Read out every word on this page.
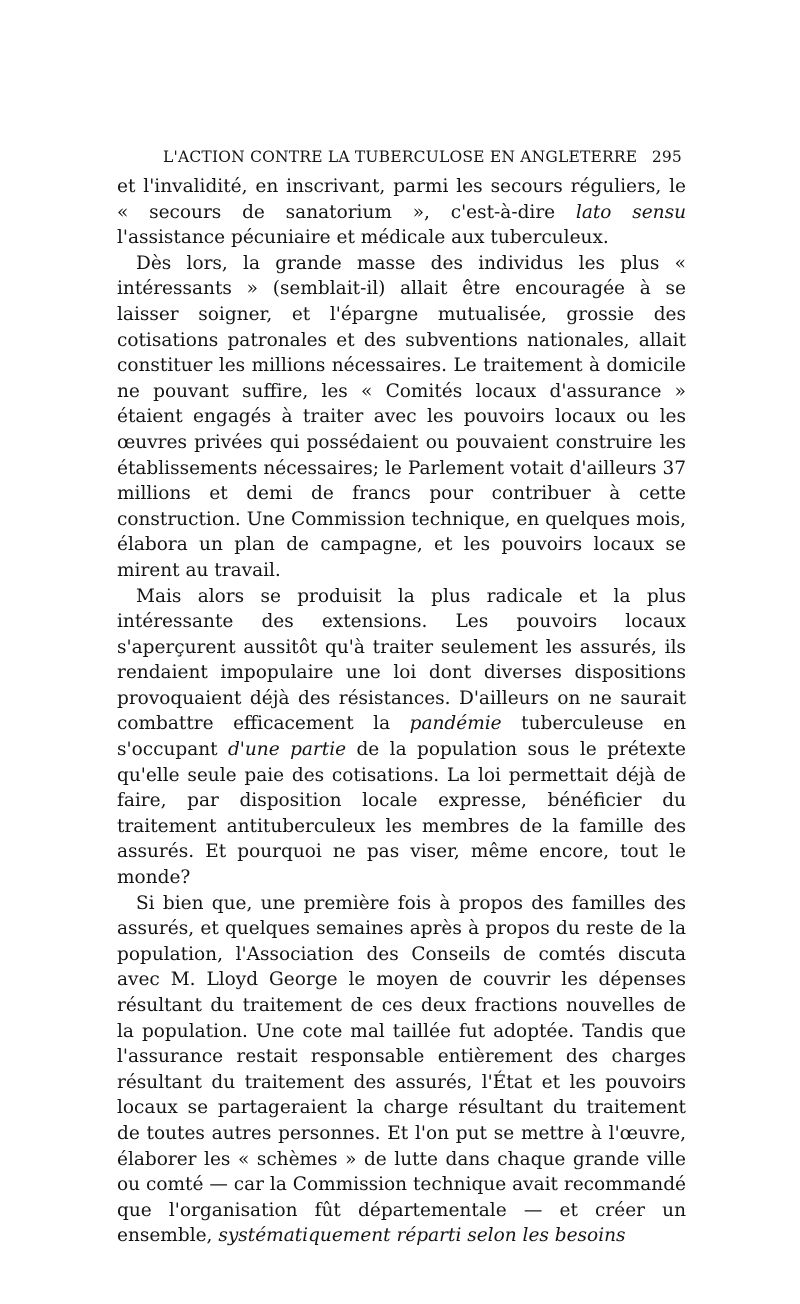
L'ACTION CONTRE LA TUBERCULOSE EN ANGLETERRE 295

et l'invalidité, en inscrivant, parmi les secours réguliers, le « secours de sanatorium », c'est-à-dire lato sensu l'assistance pécuniaire et médicale aux tuberculeux.

Dès lors, la grande masse des individus les plus « intéressants » (semblait-il) allait être encouragée à se laisser soigner, et l'épargne mutualisée, grossie des cotisations patronales et des subventions nationales, allait constituer les millions nécessaires. Le traitement à domicile ne pouvant suffire, les « Comités locaux d'assurance » étaient engagés à traiter avec les pouvoirs locaux ou les œuvres privées qui possédaient ou pouvaient construire les établissements nécessaires; le Parlement votait d'ailleurs 37 millions et demi de francs pour contribuer à cette construction. Une Commission technique, en quelques mois, élabora un plan de campagne, et les pouvoirs locaux se mirent au travail.

Mais alors se produisit la plus radicale et la plus intéressante des extensions. Les pouvoirs locaux s'aperçurent aussitôt qu'à traiter seulement les assurés, ils rendaient impopulaire une loi dont diverses dispositions provoquaient déjà des résistances. D'ailleurs on ne saurait combattre efficacement la pandémie tuberculeuse en s'occupant d'une partie de la population sous le prétexte qu'elle seule paie des cotisations. La loi permettait déjà de faire, par disposition locale expresse, bénéficier du traitement antituberculeux les membres de la famille des assurés. Et pourquoi ne pas viser, même encore, tout le monde?

Si bien que, une première fois à propos des familles des assurés, et quelques semaines après à propos du reste de la population, l'Association des Conseils de comtés discuta avec M. Lloyd George le moyen de couvrir les dépenses résultant du traitement de ces deux fractions nouvelles de la population. Une cote mal taillée fut adoptée. Tandis que l'assurance restait responsable entièrement des charges résultant du traitement des assurés, l'État et les pouvoirs locaux se partageraient la charge résultant du traitement de toutes autres personnes. Et l'on put se mettre à l'œuvre, élaborer les « schèmes » de lutte dans chaque grande ville ou comté — car la Commission technique avait recommandé que l'organisation fût départementale — et créer un ensemble, systématiquement réparti selon les besoins
